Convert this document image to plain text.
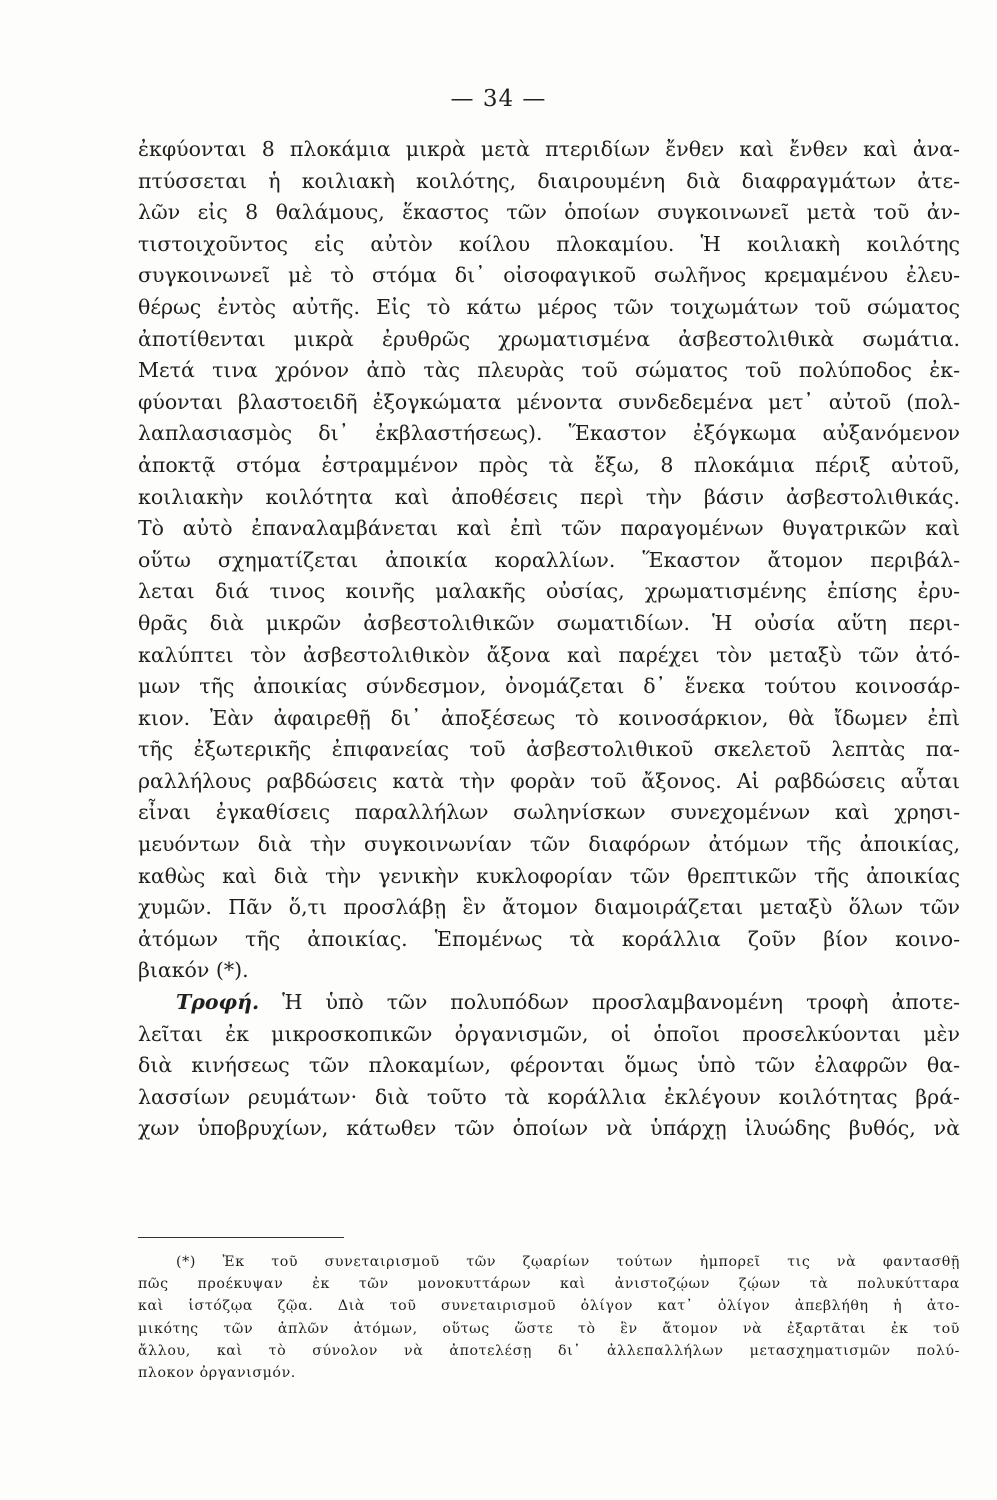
— 34 —
ἐκφύονται 8 πλοκάμια μικρὰ μετὰ πτεριδίων ἔνθεν καὶ ἔνθεν καὶ ἀνα-
πτύσσεται ἡ κοιλιακὴ κοιλότης, διαιρουμένη διὰ διαφραγμάτων ἀτε-
λῶν εἰς 8 θαλάμους, ἕκαστος τῶν ὁποίων συγκοινωνεῖ μετὰ τοῦ ἀν-
τιστοιχοῦντος εἰς αὐτὸν κοίλου πλοκαμίου. Ἡ κοιλιακὴ κοιλότης
συγκοινωνεῖ μὲ τὸ στόμα δι᾽ οἰσοφαγικοῦ σωλῆνος κρεμαμένου ἐλευ-
θέρως ἐντὸς αὐτῆς. Εἰς τὸ κάτω μέρος τῶν τοιχωμάτων τοῦ σώματος
ἀποτίθενται μικρὰ ἐρυθρῶς χρωματισμένα ἀσβεστολιθικὰ σωμάτια.
Μετά τινα χρόνον ἀπὸ τὰς πλευρὰς τοῦ σώματος τοῦ πολύποδος ἐκ-
φύονται βλαστοειδῆ ἐξογκώματα μένοντα συνδεδεμένα μετ᾽ αὐτοῦ (πολ-
λαπλασιασμὸς δι᾽ ἐκβλαστήσεως). Ἕκαστον ἐξόγκωμα αὐξανόμενον
ἀποκτᾷ στόμα ἐστραμμένον πρὸς τὰ ἔξω, 8 πλοκάμια πέριξ αὐτοῦ,
κοιλιακὴν κοιλότητα καὶ ἀποθέσεις περὶ τὴν βάσιν ἀσβεστολιθικάς.
Τὸ αὐτὸ ἐπαναλαμβάνεται καὶ ἐπὶ τῶν παραγομένων θυγατρικῶν καὶ
οὕτω σχηματίζεται ἀποικία κοραλλίων. Ἕκαστον ἄτομον περιβάλ-
λεται διά τινος κοινῆς μαλακῆς οὐσίας, χρωματισμένης ἐπίσης ἐρυ-
θρᾶς διὰ μικρῶν ἀσβεστολιθικῶν σωματιδίων. Ἡ οὐσία αὕτη περι-
καλύπτει τὸν ἀσβεστολιθικὸν ἄξονα καὶ παρέχει τὸν μεταξὺ τῶν ἀτό-
μων τῆς ἀποικίας σύνδεσμον, ὀνομάζεται δ᾽ ἕνεκα τούτου κοινοσάρ-
κιον. Ἐὰν ἀφαιρεθῇ δι᾽ ἀποξέσεως τὸ κοινοσάρκιον, θὰ ἴδωμεν ἐπὶ
τῆς ἐξωτερικῆς ἐπιφανείας τοῦ ἀσβεστολιθικοῦ σκελετοῦ λεπτὰς πα-
ραλλήλους ραβδώσεις κατὰ τὴν φορὰν τοῦ ἄξονος. Αἱ ραβδώσεις αὗται
εἶναι ἐγκαθίσεις παραλλήλων σωληνίσκων συνεχομένων καὶ χρησι-
μευόντων διὰ τὴν συγκοινωνίαν τῶν διαφόρων ἀτόμων τῆς ἀποικίας,
καθὼς καὶ διὰ τὴν γενικὴν κυκλοφορίαν τῶν θρεπτικῶν τῆς ἀποικίας
χυμῶν. Πᾶν ὅ,τι προσλάβῃ ἓν ἄτομον διαμοιράζεται μεταξὺ ὅλων τῶν
ἀτόμων τῆς ἀποικίας. Ἑπομένως τὰ κοράλλια ζοῦν βίον κοινο-
βιακόν (*).
Τροφή. Ἡ ὑπὸ τῶν πολυπόδων προσλαμβανομένη τροφὴ ἀποτε-
λεῖται ἐκ μικροσκοπικῶν ὀργανισμῶν, οἱ ὁποῖοι προσελκύονται μὲν
διὰ κινήσεως τῶν πλοκαμίων, φέρονται ὅμως ὑπὸ τῶν ἐλαφρῶν θα-
λασσίων ρευμάτων· διὰ τοῦτο τὰ κοράλλια ἐκλέγουν κοιλότητας βρά-
χων ὑποβρυχίων, κάτωθεν τῶν ὁποίων νὰ ὑπάρχῃ ἰλυώδης βυθός, νὰ
(*) Ἐκ τοῦ συνεταιρισμοῦ τῶν ζῳαρίων τούτων ἠμπορεῖ τις νὰ φαντασθῇ
πῶς προέκυψαν ἐκ τῶν μονοκυττάρων καὶ ἀνιστοζῴων ζῴων τὰ πολυκύτταρα
καὶ ἱστόζῳα ζῷα. Διὰ τοῦ συνεταιρισμοῦ ὀλίγον κατ᾽ ὀλίγον ἀπεβλήθη ἡ ἀτο-
μικότης τῶν ἁπλῶν ἀτόμων, οὕτως ὥστε τὸ ἓν ἄτομον νὰ ἐξαρτᾶται ἐκ τοῦ
ἄλλου, καὶ τὸ σύνολον νὰ ἀποτελέσῃ δι᾽ ἀλλεπαλλήλων μετασχηματισμῶν πολύ-
πλοκον ὀργανισμόν.
